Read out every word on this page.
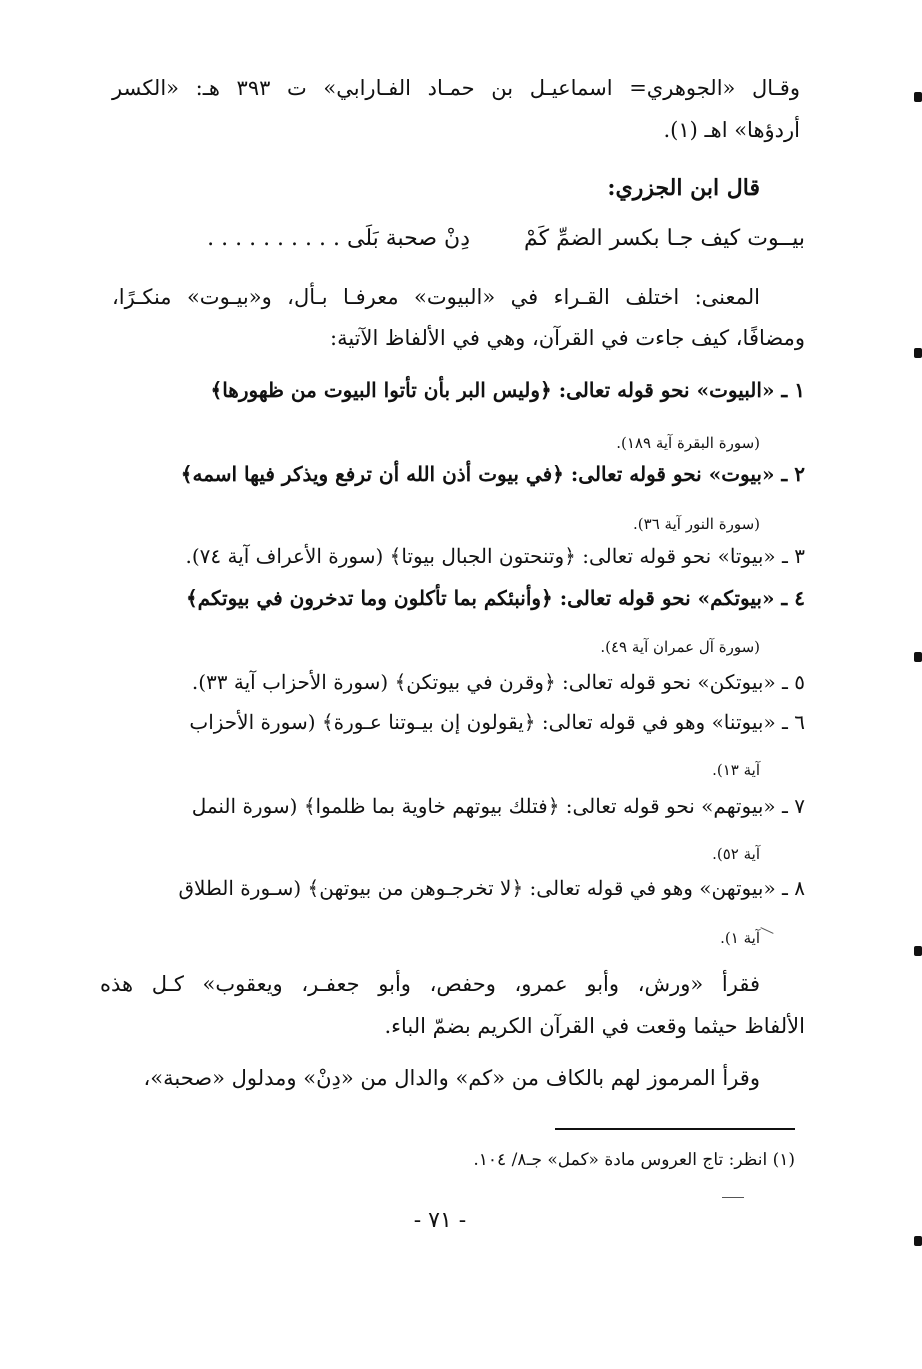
وقـال «الجوهري= اسماعيـل بن حمـاد الفـارابي» ت ٣٩٣ هـ: «الكسر
أردؤها» اهـ (١).
قال ابن الجزري:
بيــوت كيف جـا بكسر الضمِّ كَمْ
دِنْ صحبة بَلَى . . . . . . . . . .
المعنى: اختلف القـراء في «البيوت» معرفـا بـأل، و«بيـوت» منكـرًا،
ومضافًا، كيف جاءت في القرآن، وهي في الألفاظ الآتية:
١ ـ «البيوت» نحو قوله تعالى: ﴿وليس البر بأن تأتوا البيوت من ظهورها﴾
(سورة البقرة آية ١٨٩).
٢ ـ «بيوت» نحو قوله تعالى: ﴿في بيوت أذن الله أن ترفع ويذكر فيها اسمه﴾
(سورة النور آية ٣٦).
٣ ـ «بيوتا» نحو قوله تعالى: ﴿وتنحتون الجبال بيوتا﴾ (سورة الأعراف آية ٧٤).
٤ ـ «بيوتكم» نحو قوله تعالى: ﴿وأنبئكم بما تأكلون وما تدخرون في بيوتكم﴾
(سورة آل عمران آية ٤٩).
٥ ـ «بيوتكن» نحو قوله تعالى: ﴿وقرن في بيوتكن﴾ (سورة الأحزاب آية ٣٣).
٦ ـ «بيوتنا» وهو في قوله تعالى: ﴿يقولون إن بيـوتنا عـورة﴾ (سورة الأحزاب
آية ١٣).
٧ ـ «بيوتهم» نحو قوله تعالى: ﴿فتلك بيوتهم خاوية بما ظلموا﴾ (سورة النمل
آية ٥٢).
٨ ـ «بيوتهن» وهو في قوله تعالى: ﴿لا تخرجـوهن من بيوتهن﴾ (سـورة الطلاق
آية ١).
فقرأ «ورش، وأبو عمرو، وحفص، وأبو جعفـر، ويعقوب» كـل هذه
الألفاظ حيثما وقعت في القرآن الكريم بضمّ الباء.
وقرأ المرموز لهم بالكاف من «كم» والدال من «دِنْ» ومدلول «صحبة»،
(١) انظر: تاج العروس مادة «كمل» جـ٨/ ١٠٤.
- ٧١ -
